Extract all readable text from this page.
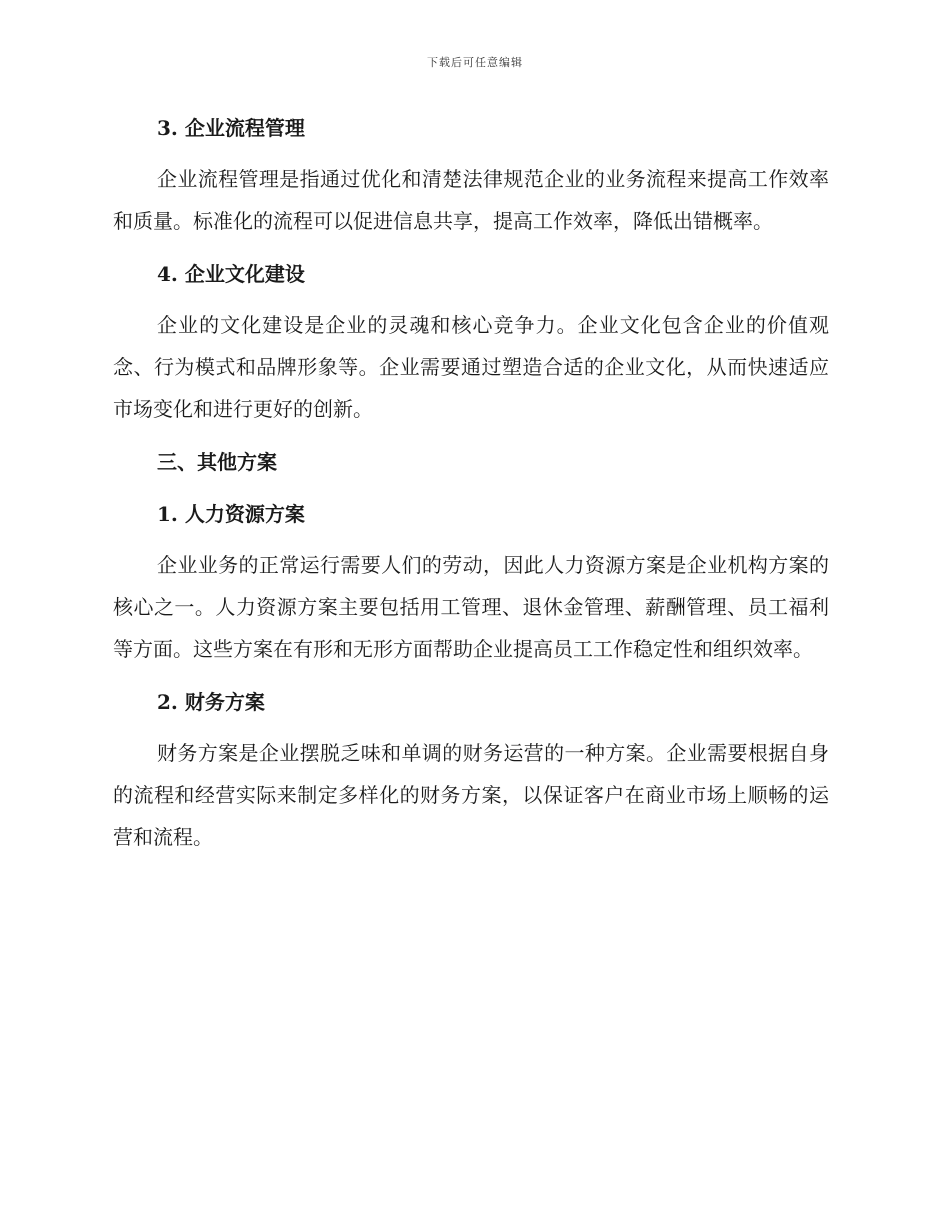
下载后可任意编辑
3. 企业流程管理

企业流程管理是指通过优化和清楚法律规范企业的业务流程来提高工作效率和质量。标准化的流程可以促进信息共享，提高工作效率，降低出错概率。

4. 企业文化建设

企业的文化建设是企业的灵魂和核心竞争力。企业文化包含企业的价值观念、行为模式和品牌形象等。企业需要通过塑造合适的企业文化，从而快速适应市场变化和进行更好的创新。

三、其他方案
1. 人力资源方案

企业业务的正常运行需要人们的劳动，因此人力资源方案是企业机构方案的核心之一。人力资源方案主要包括用工管理、退休金管理、薪酬管理、员工福利等方面。这些方案在有形和无形方面帮助企业提高员工工作稳定性和组织效率。

2. 财务方案

财务方案是企业摆脱乏味和单调的财务运营的一种方案。企业需要根据自身的流程和经营实际来制定多样化的财务方案，以保证客户在商业市场上顺畅的运营和流程。
